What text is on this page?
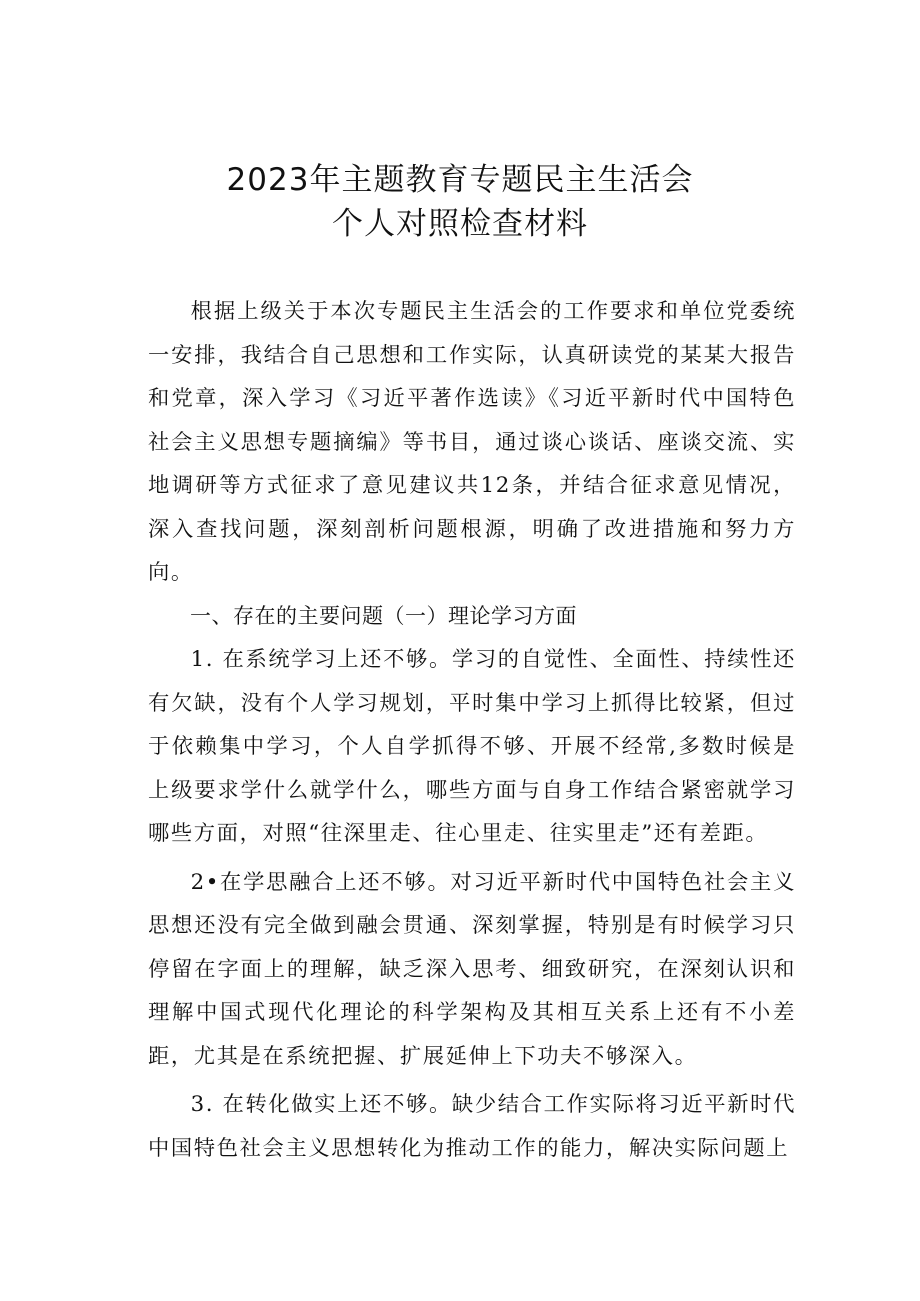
2023年主题教育专题民主生活会
个人对照检查材料

根据上级关于本次专题民主生活会的工作要求和单位党委统一安排，我结合自己思想和工作实际，认真研读党的某某大报告和党章，深入学习《习近平著作选读》《习近平新时代中国特色社会主义思想专题摘编》等书目，通过谈心谈话、座谈交流、实地调研等方式征求了意见建议共12条，并结合征求意见情况，深入查找问题，深刻剖析问题根源，明确了改进措施和努力方向。

一、存在的主要问题（一）理论学习方面

1. 在系统学习上还不够。学习的自觉性、全面性、持续性还有欠缺，没有个人学习规划，平时集中学习上抓得比较紧，但过于依赖集中学习，个人自学抓得不够、开展不经常,多数时候是上级要求学什么就学什么，哪些方面与自身工作结合紧密就学习哪些方面，对照“往深里走、往心里走、往实里走”还有差距。

2•在学思融合上还不够。对习近平新时代中国特色社会主义思想还没有完全做到融会贯通、深刻掌握，特别是有时候学习只停留在字面上的理解，缺乏深入思考、细致研究，在深刻认识和理解中国式现代化理论的科学架构及其相互关系上还有不小差距，尤其是在系统把握、扩展延伸上下功夫不够深入。

3. 在转化做实上还不够。缺少结合工作实际将习近平新时代中国特色社会主义思想转化为推动工作的能力，解决实际问题上
